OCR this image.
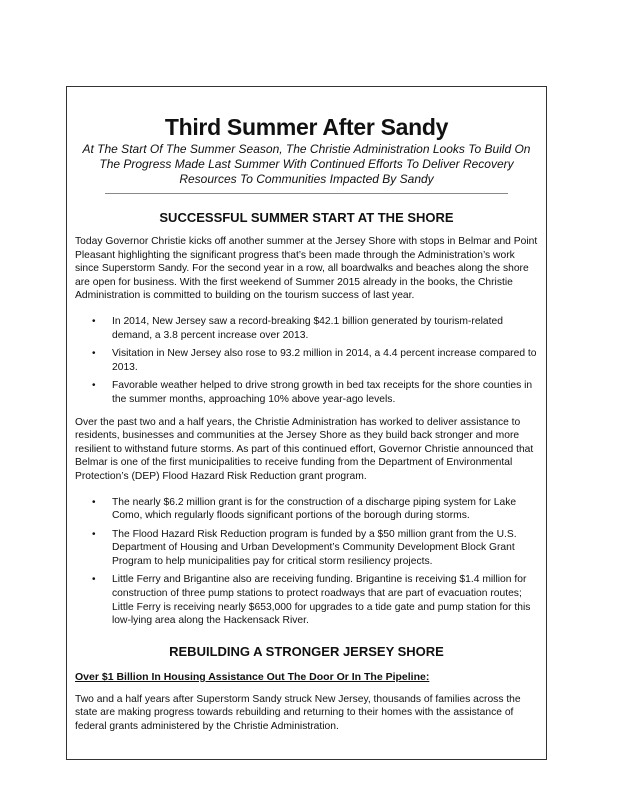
Third Summer After Sandy
At The Start Of The Summer Season, The Christie Administration Looks To Build On The Progress Made Last Summer With Continued Efforts To Deliver Recovery Resources To Communities Impacted By Sandy
SUCCESSFUL SUMMER START AT THE SHORE

Today Governor Christie kicks off another summer at the Jersey Shore with stops in Belmar and Point Pleasant highlighting the significant progress that’s been made through the Administration’s work since Superstorm Sandy. For the second year in a row, all boardwalks and beaches along the shore are open for business. With the first weekend of Summer 2015 already in the books, the Christie Administration is committed to building on the tourism success of last year.

• In 2014, New Jersey saw a record-breaking $42.1 billion generated by tourism-related demand, a 3.8 percent increase over 2013.
• Visitation in New Jersey also rose to 93.2 million in 2014, a 4.4 percent increase compared to 2013.
• Favorable weather helped to drive strong growth in bed tax receipts for the shore counties in the summer months, approaching 10% above year-ago levels.

Over the past two and a half years, the Christie Administration has worked to deliver assistance to residents, businesses and communities at the Jersey Shore as they build back stronger and more resilient to withstand future storms. As part of this continued effort, Governor Christie announced that Belmar is one of the first municipalities to receive funding from the Department of Environmental Protection’s (DEP) Flood Hazard Risk Reduction grant program.

• The nearly $6.2 million grant is for the construction of a discharge piping system for Lake Como, which regularly floods significant portions of the borough during storms.
• The Flood Hazard Risk Reduction program is funded by a $50 million grant from the U.S. Department of Housing and Urban Development’s Community Development Block Grant Program to help municipalities pay for critical storm resiliency projects.
• Little Ferry and Brigantine also are receiving funding. Brigantine is receiving $1.4 million for construction of three pump stations to protect roadways that are part of evacuation routes; Little Ferry is receiving nearly $653,000 for upgrades to a tide gate and pump station for this low-lying area along the Hackensack River.
REBUILDING A STRONGER JERSEY SHORE
Over $1 Billion In Housing Assistance Out The Door Or In The Pipeline:

Two and a half years after Superstorm Sandy struck New Jersey, thousands of families across the state are making progress towards rebuilding and returning to their homes with the assistance of federal grants administered by the Christie Administration.
